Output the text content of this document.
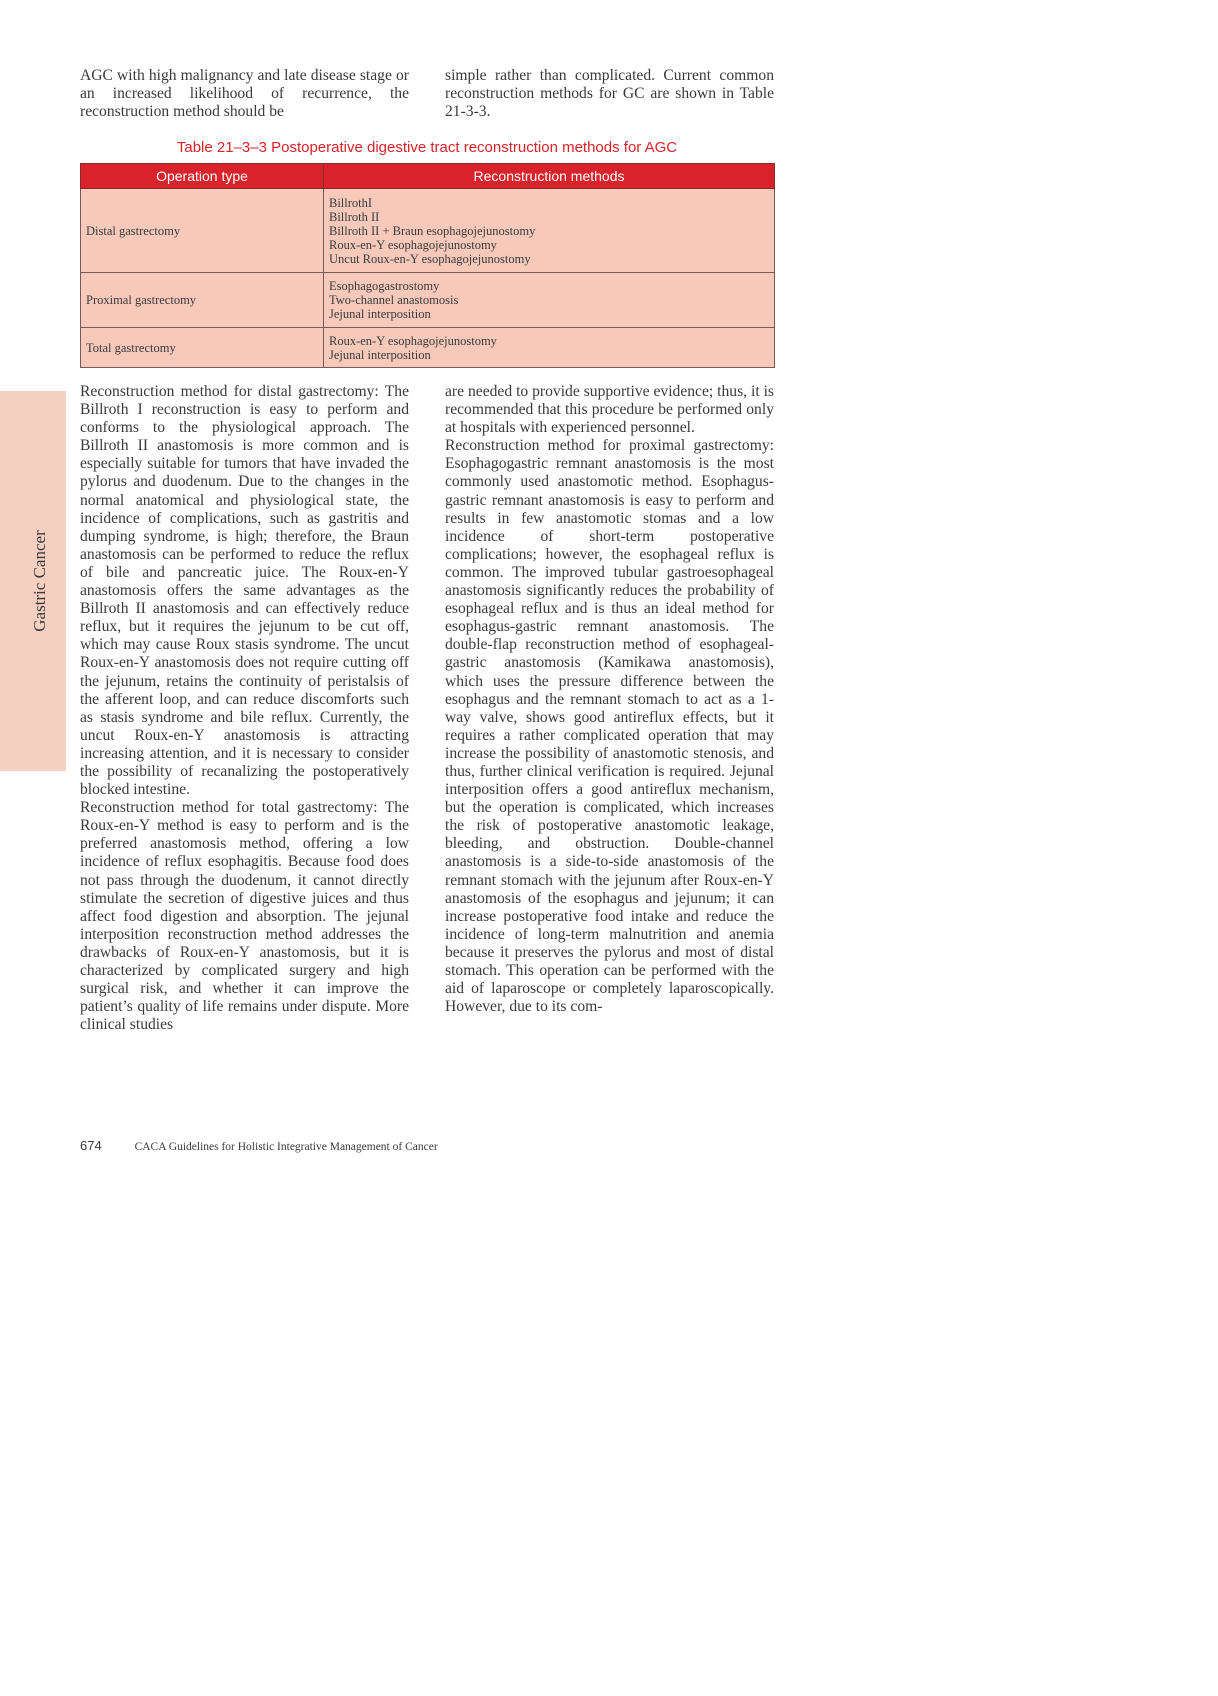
Gastric Cancer

AGC with high malignancy and late disease stage or an increased likelihood of recurrence, the reconstruction method should be

simple rather than complicated. Current common reconstruction methods for GC are shown in Table 21-3-3.

Table 21–3–3 Postoperative digestive tract reconstruction methods for AGC
Operation type	Reconstruction methods
Distal gastrectomy	BillrothI
Billroth II
Billroth II + Braun esophagojejunostomy
Roux-en-Y esophagojejunostomy
Uncut Roux-en-Y esophagojejunostomy

Proximal gastrectomy	Esophagogastrostomy
Two-channel anastomosis
Jejunal interposition

Total gastrectomy	Roux-en-Y esophagojejunostomy
Jejunal interposition

Reconstruction method for distal gastrectomy: The Billroth I reconstruction is easy to perform and conforms to the physiological approach. The Billroth II anastomosis is more common and is especially suitable for tumors that have invaded the pylorus and duodenum. Due to the changes in the normal anatomical and physiological state, the incidence of complications, such as gastritis and dumping syndrome, is high; therefore, the Braun anastomosis can be performed to reduce the reflux of bile and pancreatic juice. The Roux-en-Y anastomosis offers the same advantages as the Billroth II anastomosis and can effectively reduce reflux, but it requires the jejunum to be cut off, which may cause Roux stasis syndrome. The uncut Roux-en-Y anastomosis does not require cutting off the jejunum, retains the continuity of peristalsis of the afferent loop, and can reduce discomforts such as stasis syndrome and bile reflux. Currently, the uncut Roux-en-Y anastomosis is attracting increasing attention, and it is necessary to consider the possibility of recanalizing the postoperatively blocked intestine.

Reconstruction method for total gastrectomy: The Roux-en-Y method is easy to perform and is the preferred anastomosis method, offering a low incidence of reflux esophagitis. Because food does not pass through the duodenum, it cannot directly stimulate the secretion of digestive juices and thus affect food digestion and absorption. The jejunal interposition reconstruction method addresses the drawbacks of Roux-en-Y anastomosis, but it is characterized by complicated surgery and high surgical risk, and whether it can improve the patient’s quality of life remains under dispute. More clinical studies

are needed to provide supportive evidence; thus, it is recommended that this procedure be performed only at hospitals with experienced personnel.

Reconstruction method for proximal gastrectomy: Esophagogastric remnant anastomosis is the most commonly used anastomotic method. Esophagus-gastric remnant anastomosis is easy to perform and results in few anastomotic stomas and a low incidence of short-term postoperative complications; however, the esophageal reflux is common. The improved tubular gastroesophageal anastomosis significantly reduces the probability of esophageal reflux and is thus an ideal method for esophagus-gastric remnant anastomosis. The double-flap reconstruction method of esophageal-gastric anastomosis (Kamikawa anastomosis), which uses the pressure difference between the esophagus and the remnant stomach to act as a 1-way valve, shows good antireflux effects, but it requires a rather complicated operation that may increase the possibility of anastomotic stenosis, and thus, further clinical verification is required. Jejunal interposition offers a good antireflux mechanism, but the operation is complicated, which increases the risk of postoperative anastomotic leakage, bleeding, and obstruction. Double-channel anastomosis is a side-to-side anastomosis of the remnant stomach with the jejunum after Roux-en-Y anastomosis of the esophagus and jejunum; it can increase postoperative food intake and reduce the incidence of long-term malnutrition and anemia because it preserves the pylorus and most of distal stomach. This operation can be performed with the aid of laparoscope or completely laparoscopically. However, due to its com-

674	CACA Guidelines for Holistic Integrative Management of Cancer
